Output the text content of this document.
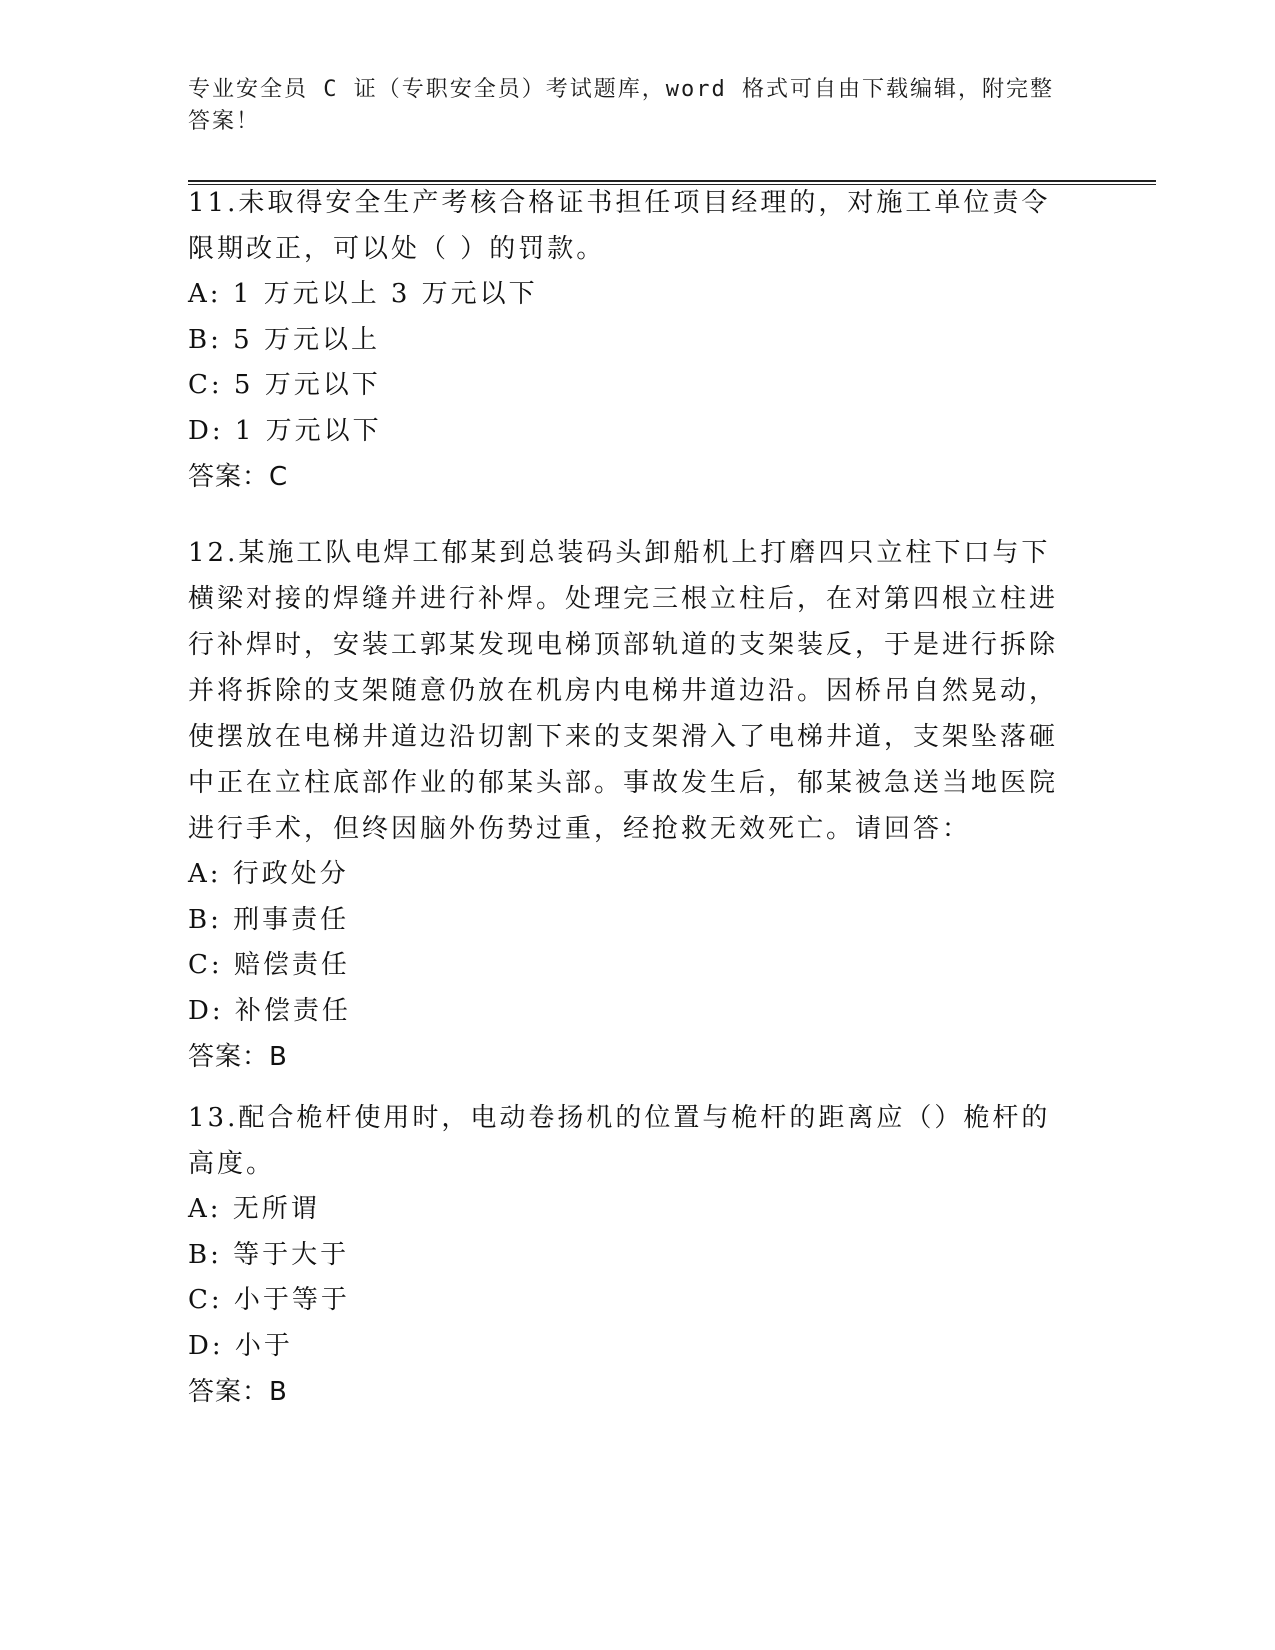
专业安全员 C 证（专职安全员）考试题库，word 格式可自由下载编辑，附完整答案！

11.未取得安全生产考核合格证书担任项目经理的，对施工单位责令限期改正，可以处（ ）的罚款。

A: 1 万元以上 3 万元以下
B: 5 万元以上
C: 5 万元以下
D: 1 万元以下
答案：C

12.某施工队电焊工郁某到总装码头卸船机上打磨四只立柱下口与下横梁对接的焊缝并进行补焊。处理完三根立柱后，在对第四根立柱进行补焊时，安装工郭某发现电梯顶部轨道的支架装反，于是进行拆除并将拆除的支架随意仍放在机房内电梯井道边沿。因桥吊自然晃动，使摆放在电梯井道边沿切割下来的支架滑入了电梯井道，支架坠落砸中正在立柱底部作业的郁某头部。事故发生后，郁某被急送当地医院进行手术，但终因脑外伤势过重，经抢救无效死亡。请回答：

A: 行政处分
B: 刑事责任
C: 赔偿责任
D: 补偿责任
答案：B

13.配合桅杆使用时，电动卷扬机的位置与桅杆的距离应（）桅杆的高度。

A: 无所谓
B: 等于大于
C: 小于等于
D: 小于
答案：B
